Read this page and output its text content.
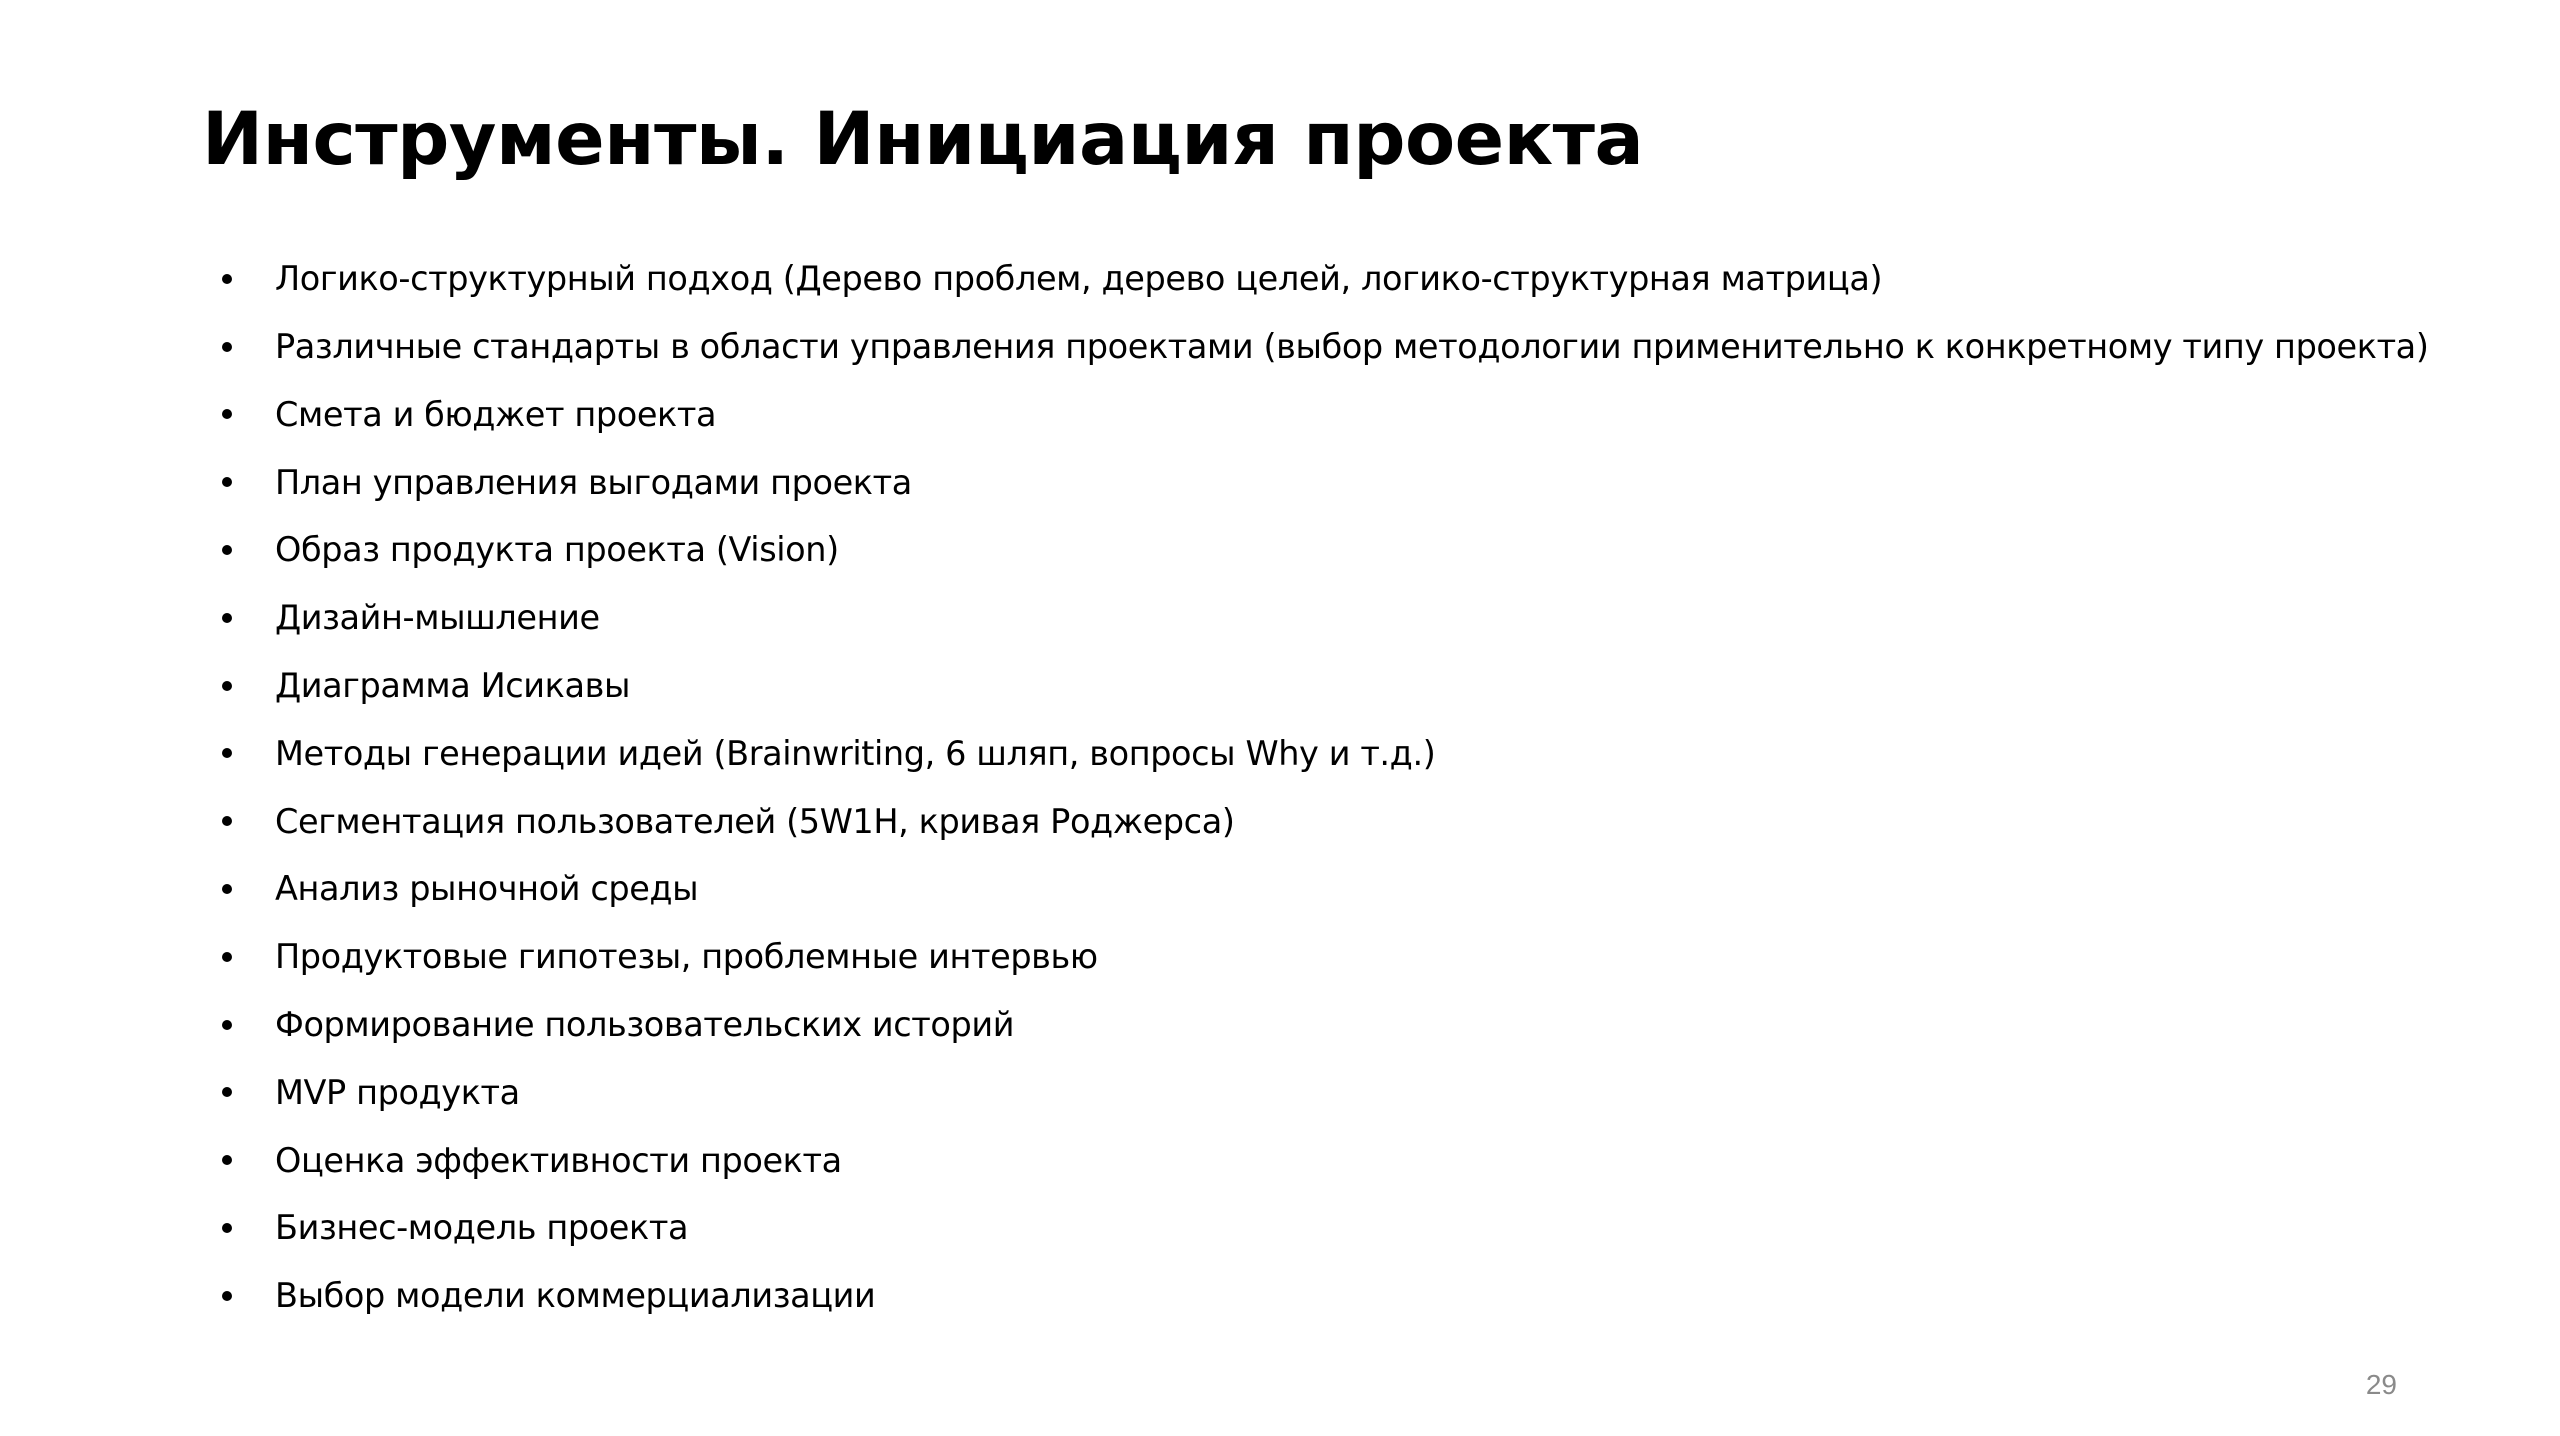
Инструменты. Инициация проекта
Логико-структурный подход (Дерево проблем, дерево целей, логико-структурная матрица)
Различные стандарты в области управления проектами (выбор методологии применительно к конкретному типу проекта)
Смета и бюджет проекта
План управления выгодами проекта
Образ продукта проекта (Vision)
Дизайн-мышление
Диаграмма Исикавы
Методы генерации идей (Brainwriting, 6 шляп, вопросы Why и т.д.)
Сегментация пользователей (5W1H, кривая Роджерса)
Анализ рыночной среды
Продуктовые гипотезы, проблемные интервью
Формирование пользовательских историй
MVP продукта
Оценка эффективности проекта
Бизнес-модель проекта
Выбор модели коммерциализации
29
